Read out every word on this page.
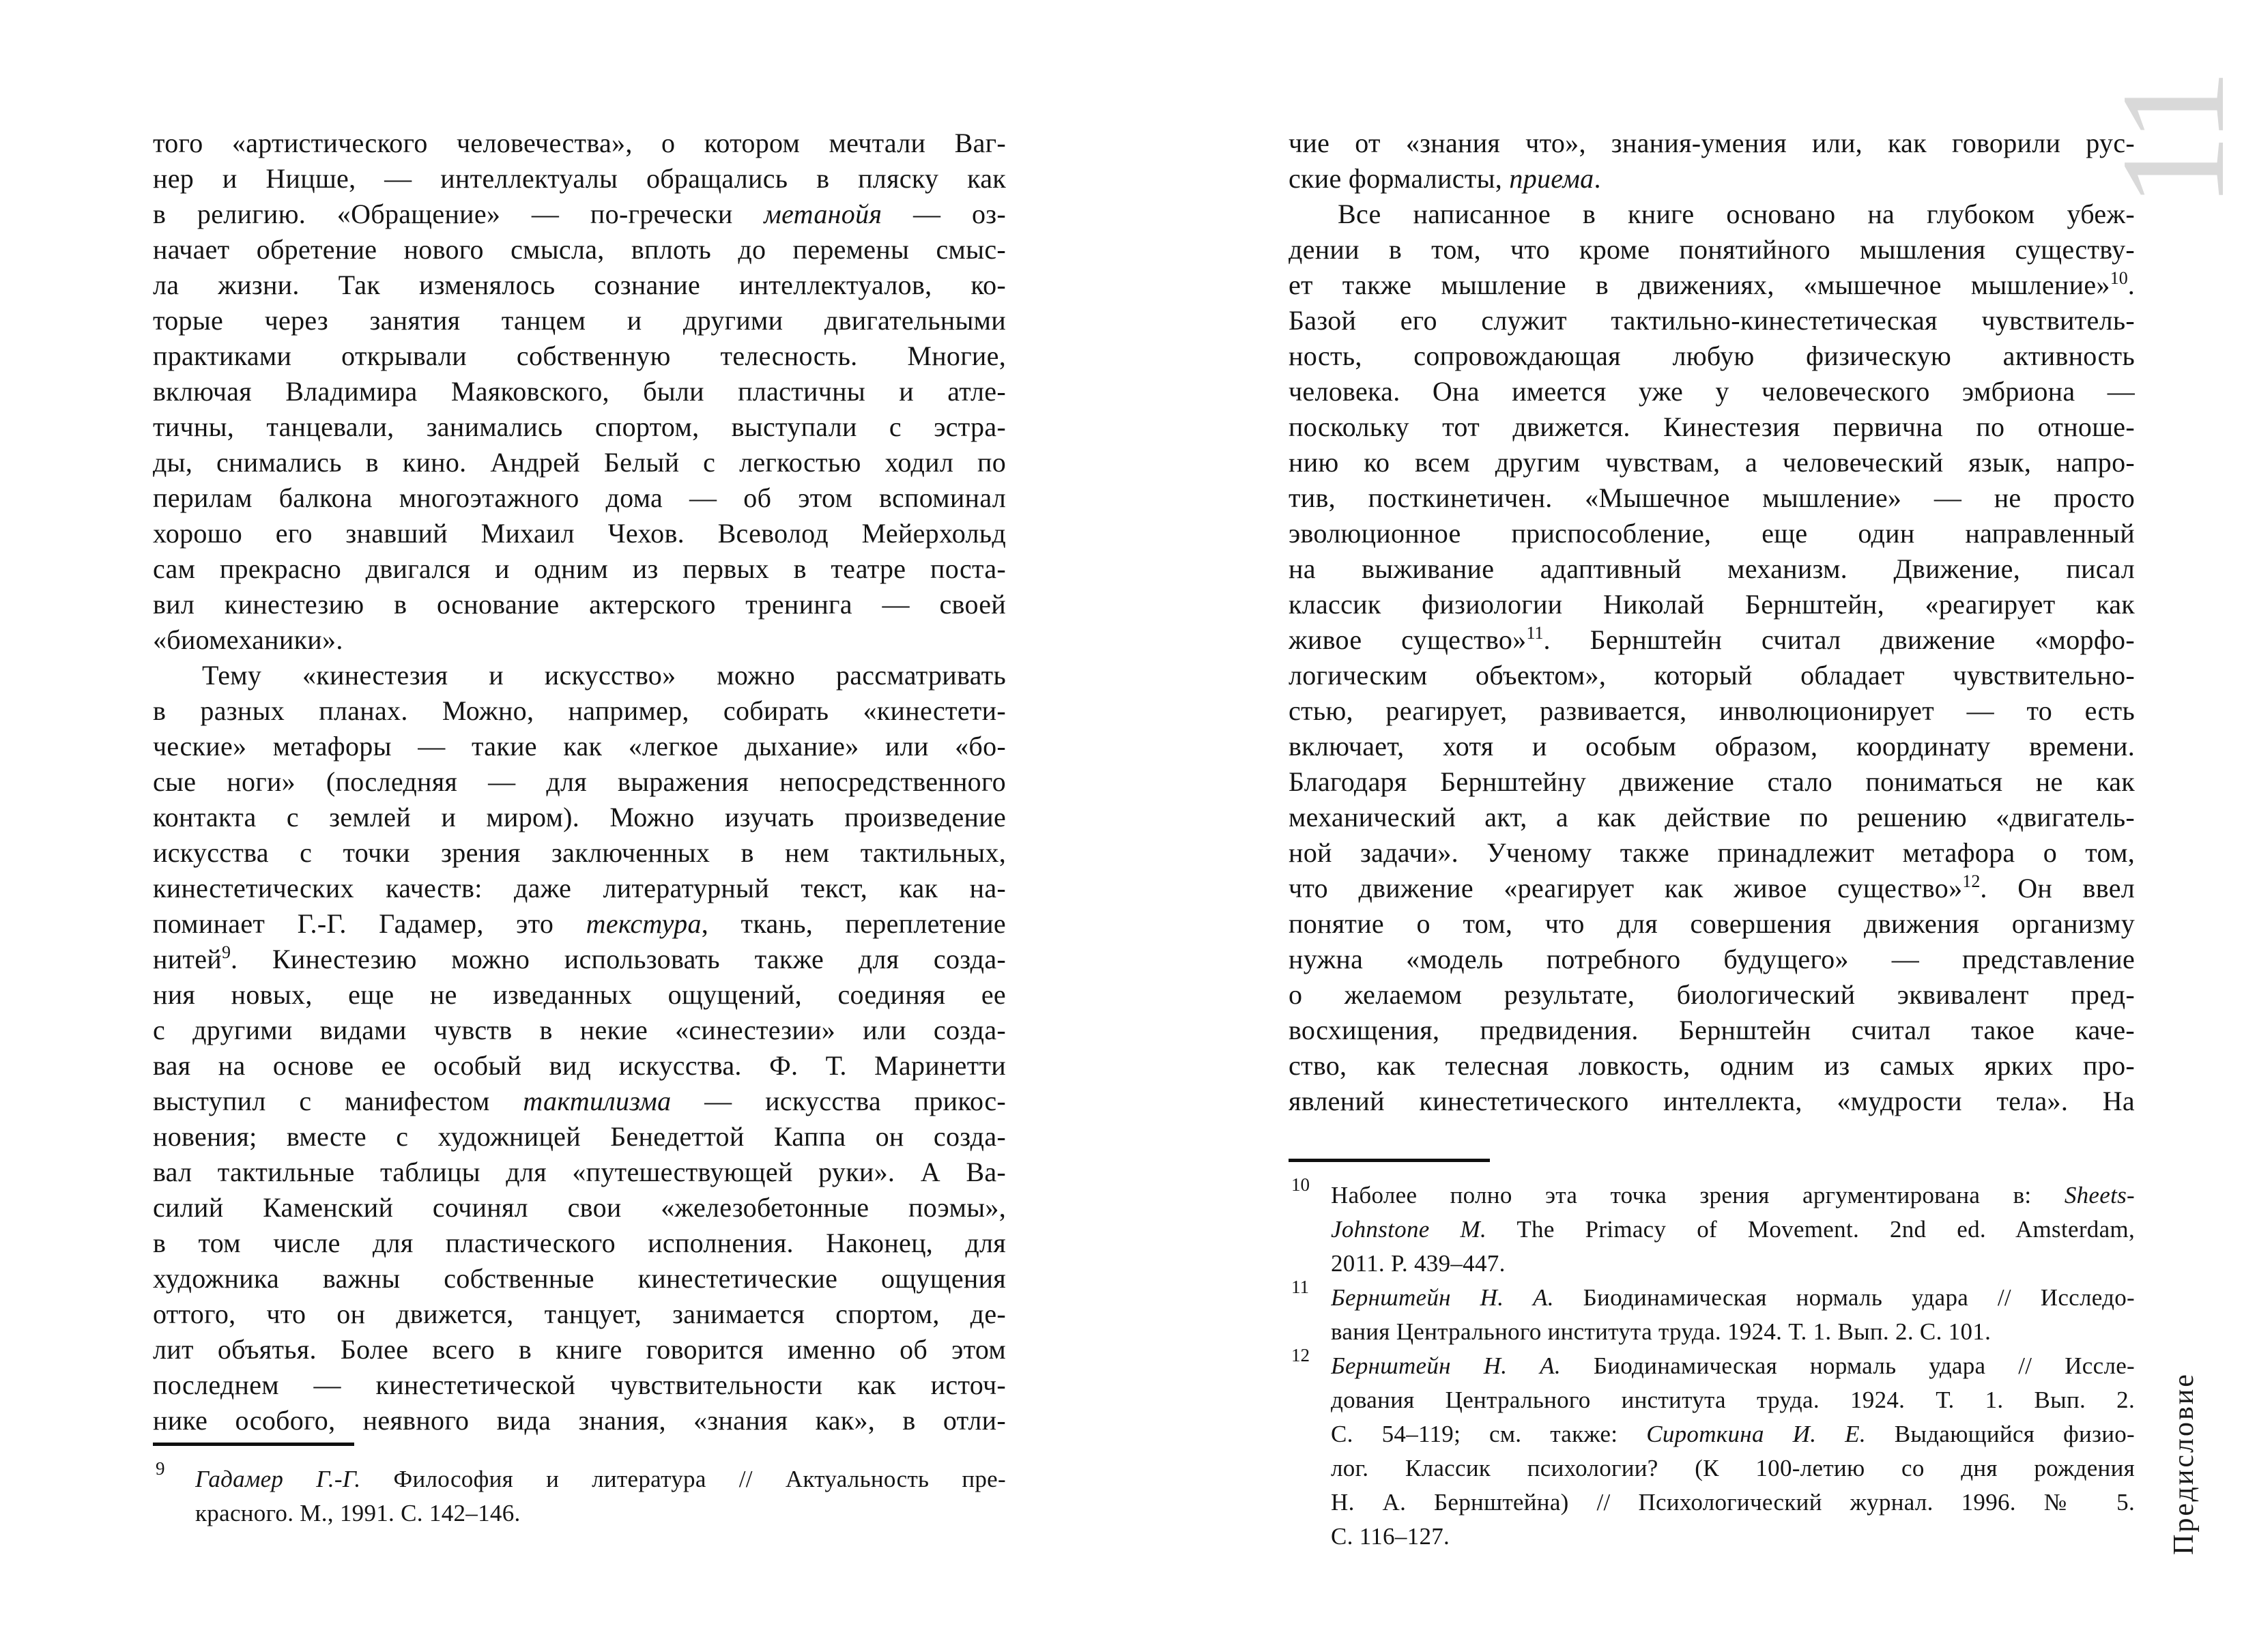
того «артистического человечества», о котором мечтали Ваг-
нер и Ницше, — интеллектуалы обращались в пляску как
в религию. «Обращение» — по-гречески метанойя — оз-
начает обретение нового смысла, вплоть до перемены смыс-
ла жизни. Так изменялось сознание интеллектуалов, ко-
торые через занятия танцем и другими двигательными
практиками открывали собственную телесность. Многие,
включая Владимира Маяковского, были пластичны и атле-
тичны, танцевали, занимались спортом, выступали с эстра-
ды, снимались в кино. Андрей Белый с легкостью ходил по
перилам балкона многоэтажного дома — об этом вспоминал
хорошо его знавший Михаил Чехов. Всеволод Мейерхольд
сам прекрасно двигался и одним из первых в театре поста-
вил кинестезию в основание актерского тренинга — своей
«биомеханики».
Тему «кинестезия и искусство» можно рассматривать
в разных планах. Можно, например, собирать «кинестети-
ческие» метафоры — такие как «легкое дыхание» или «бо-
сые ноги» (последняя — для выражения непосредственного
контакта с землей и миром). Можно изучать произведение
искусства с точки зрения заключенных в нем тактильных,
кинестетических качеств: даже литературный текст, как на-
поминает Г.-Г. Гадамер, это текстура, ткань, переплетение
нитей$^9$. Кинестезию можно использовать также для созда-
ния новых, еще не изведанных ощущений, соединяя ее
с другими видами чувств в некие «синестезии» или созда-
вая на основе ее особый вид искусства. Ф. Т. Маринетти
выступил с манифестом тактилизма — искусства прикос-
новения; вместе с художницей Бенедеттой Каппа он созда-
вал тактильные таблицы для «путешествующей руки». А Ва-
силий Каменский сочинял свои «железобетонные поэмы»,
в том числе для пластического исполнения. Наконец, для
художника важны собственные кинестетические ощущения
оттого, что он движется, танцует, занимается спортом, де-
лит объятья. Более всего в книге говорится именно об этом
последнем — кинестетической чувствительности как источ-
нике особого, неявного вида знания, «знания как», в отли-
9 Гадамер Г.-Г. Философия и литература // Актуальность пре-
красного. М., 1991. С. 142–146.
чие от «знания что», знания-умения или, как говорили рус-
ские формалисты, приема.
Все написанное в книге основано на глубоком убеж-
дении в том, что кроме понятийного мышления существу-
ет также мышление в движениях, «мышечное мышление»$^{10}$.
Базой его служит тактильно-кинестетическая чувствитель-
ность, сопровождающая любую физическую активность
человека. Она имеется уже у человеческого эмбриона —
поскольку тот движется. Кинестезия первична по отноше-
нию ко всем другим чувствам, а человеческий язык, напро-
тив, посткинетичен. «Мышечное мышление» — не просто
эволюционное приспособление, еще один направленный
на выживание адаптивный механизм. Движение, писал
классик физиологии Николай Бернштейн, «реагирует как
живое существо»$^{11}$. Бернштейн считал движение «морфо-
логическим объектом», который обладает чувствительно-
стью, реагирует, развивается, инволюционирует — то есть
включает, хотя и особым образом, координату времени.
Благодаря Бернштейну движение стало пониматься не как
механический акт, а как действие по решению «двигатель-
ной задачи». Ученому также принадлежит метафора о том,
что движение «реагирует как живое существо»$^{12}$. Он ввел
понятие о том, что для совершения движения организму
нужна «модель потребного будущего» — представление
о желаемом результате, биологический эквивалент пред-
восхищения, предвидения. Бернштейн считал такое каче-
ство, как телесная ловкость, одним из самых ярких про-
явлений кинестетического интеллекта, «мудрости тела». На
10 Наболее полно эта точка зрения аргументирована в: Sheets-
Johnstone M. The Primacy of Movement. 2nd ed. Amsterdam,
2011. P. 439–447.
11 Бернштейн Н. А. Биодинамическая нормаль удара // Исследо-
вания Центрального института труда. 1924. Т. 1. Вып. 2. С. 101.
12 Бернштейн Н. А. Биодинамическая нормаль удара // Иссле-
дования Центрального института труда. 1924. Т. 1. Вып. 2.
С. 54–119; см. также: Сироткина И. Е. Выдающийся физио-
лог. Классик психологии? (К 100-летию со дня рождения
Н. А. Бернштейна) // Психологический журнал. 1996. № 5.
С. 116–127.
11
Предисловие
